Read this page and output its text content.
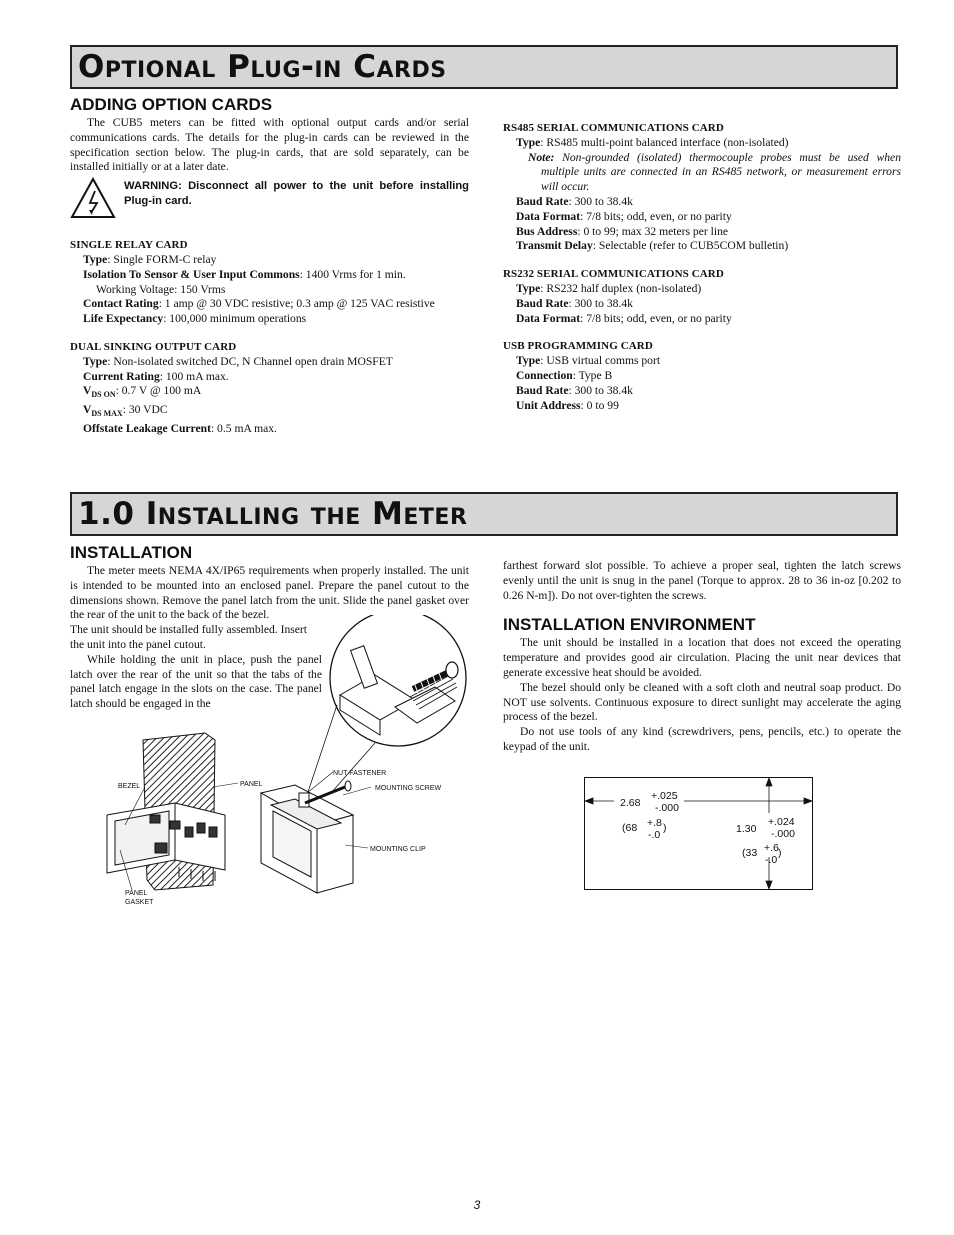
Optional Plug-in Cards
ADDING OPTION CARDS

The CUB5 meters can be fitted with optional output cards and/or serial communications cards. The details for the plug-in cards can be reviewed in the specification section below. The plug-in cards, that are sold separately, can be installed initially or at a later date.

WARNING: Disconnect all power to the unit before installing Plug-in card.
SINGLE RELAY CARD
Type: Single FORM-C relay
Isolation To Sensor & User Input Commons: 1400 Vrms for 1 min.
Working Voltage: 150 Vrms
Contact Rating: 1 amp @ 30 VDC resistive; 0.3 amp @ 125 VAC resistive
Life Expectancy: 100,000 minimum operations
DUAL SINKING OUTPUT CARD
Type: Non-isolated switched DC, N Channel open drain MOSFET
Current Rating: 100 mA max.
$V_{DS ON}$: 0.7 V @ 100 mA
$V_{DS MAX}$: 30 VDC
Offstate Leakage Current: 0.5 mA max.
RS485 SERIAL COMMUNICATIONS CARD
Type: RS485 multi-point balanced interface (non-isolated)
Note: Non-grounded (isolated) thermocouple probes must be used when multiple units are connected in an RS485 network, or measurement errors will occur.
Baud Rate: 300 to 38.4k
Data Format: 7/8 bits; odd, even, or no parity
Bus Address: 0 to 99; max 32 meters per line
Transmit Delay: Selectable (refer to CUB5COM bulletin)
RS232 SERIAL COMMUNICATIONS CARD
Type: RS232 half duplex (non-isolated)
Baud Rate: 300 to 38.4k
Data Format: 7/8 bits; odd, even, or no parity
USB PROGRAMMING CARD
Type: USB virtual comms port
Connection: Type B
Baud Rate: 300 to 38.4k
Unit Address: 0 to 99
1.0 Installing the Meter
INSTALLATION

The meter meets NEMA 4X/IP65 requirements when properly installed. The unit is intended to be mounted into an enclosed panel. Prepare the panel cutout to the dimensions shown. Remove the panel latch from the unit. Slide the panel gasket over the rear of the unit to the back of the bezel.

The unit should be installed fully assembled. Insert
the unit into the panel cutout.

While holding the unit in place, push the panel latch over the rear of the unit so that the tabs of the panel latch engage in the slots on the case. The panel latch should be engaged in the

BEZEL	PANEL
PANEL
GASKET
NUT FASTENER
MOUNTING SCREW
MOUNTING CLIP

farthest forward slot possible. To achieve a proper seal, tighten the latch screws evenly until the unit is snug in the panel (Torque to approx. 28 to 36 in-oz [0.202 to 0.26 N-m]). Do not over-tighten the screws.

INSTALLATION ENVIRONMENT

The unit should be installed in a location that does not exceed the operating temperature and provides good air circulation. Placing the unit near devices that generate excessive heat should be avoided.

The bezel should only be cleaned with a soft cloth and neutral soap product. Do NOT use solvents. Continuous exposure to direct sunlight may accelerate the aging process of the bezel.

Do not use tools of any kind (screwdrivers, pens, pencils, etc.) to operate the keypad of the unit.

2.68
+.025
-.000
(68 +.8
-.0
)	1.30
+.024
-.000
(33 +.6
-.0
)
3
